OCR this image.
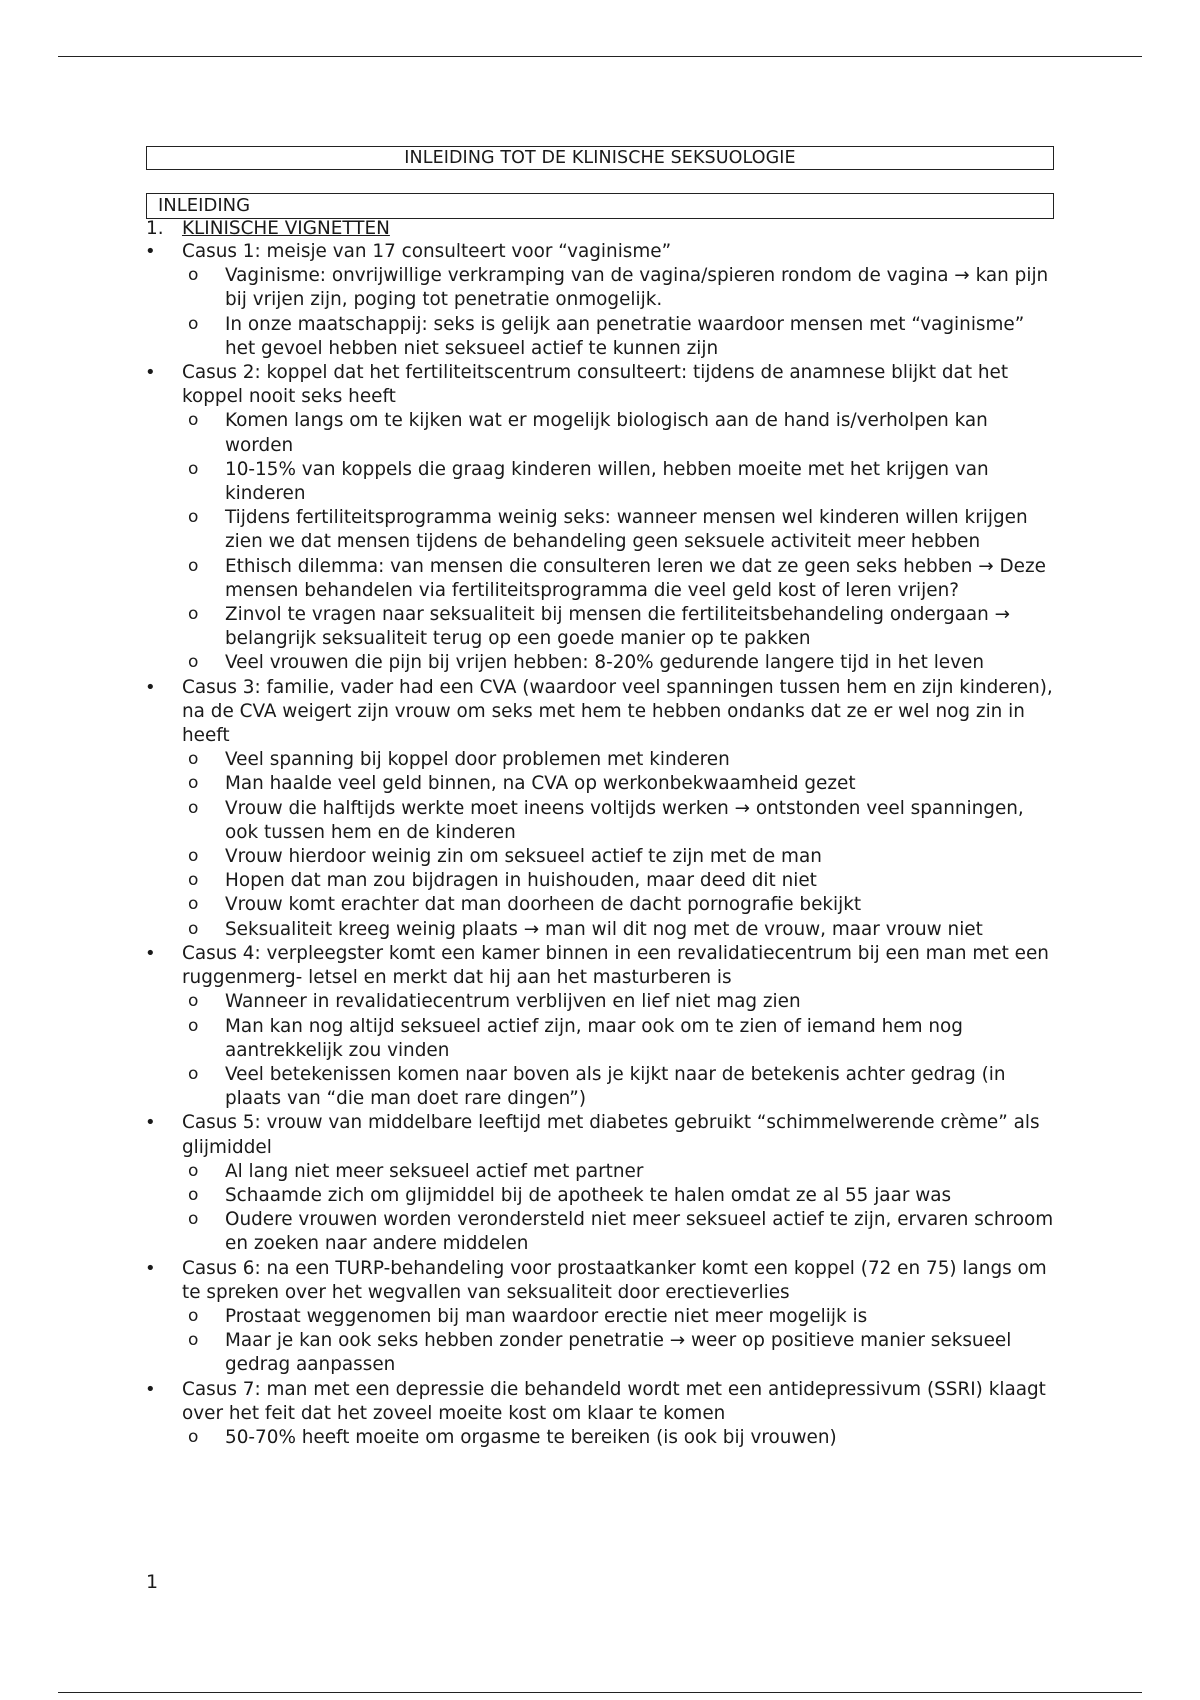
INLEIDING TOT DE KLINISCHE SEKSUOLOGIE
INLEIDING
1. KLINISCHE VIGNETTEN
• Casus 1: meisje van 17 consulteert voor “vaginisme”
o Vaginisme: onvrijwillige verkramping van de vagina/spieren rondom de vagina → kan pijn bij vrijen zijn, poging tot penetratie onmogelijk.
o In onze maatschappij: seks is gelijk aan penetratie waardoor mensen met “vaginisme” het gevoel hebben niet seksueel actief te kunnen zijn
• Casus 2: koppel dat het fertiliteitscentrum consulteert: tijdens de anamnese blijkt dat het koppel nooit seks heeft
o Komen langs om te kijken wat er mogelijk biologisch aan de hand is/verholpen kan worden
o 10-15% van koppels die graag kinderen willen, hebben moeite met het krijgen van kinderen
o Tijdens fertiliteitsprogramma weinig seks: wanneer mensen wel kinderen willen krijgen zien we dat mensen tijdens de behandeling geen seksuele activiteit meer hebben
o Ethisch dilemma: van mensen die consulteren leren we dat ze geen seks hebben → Deze mensen behandelen via fertiliteitsprogramma die veel geld kost of leren vrijen?
o Zinvol te vragen naar seksualiteit bij mensen die fertiliteitsbehandeling ondergaan → belangrijk seksualiteit terug op een goede manier op te pakken
o Veel vrouwen die pijn bij vrijen hebben: 8-20% gedurende langere tijd in het leven
• Casus 3: familie, vader had een CVA (waardoor veel spanningen tussen hem en zijn kinderen), na de CVA weigert zijn vrouw om seks met hem te hebben ondanks dat ze er wel nog zin in heeft
o Veel spanning bij koppel door problemen met kinderen
o Man haalde veel geld binnen, na CVA op werkonbekwaamheid gezet
o Vrouw die halftijds werkte moet ineens voltijds werken → ontstonden veel spanningen, ook tussen hem en de kinderen
o Vrouw hierdoor weinig zin om seksueel actief te zijn met de man
o Hopen dat man zou bijdragen in huishouden, maar deed dit niet
o Vrouw komt erachter dat man doorheen de dacht pornografie bekijkt
o Seksualiteit kreeg weinig plaats → man wil dit nog met de vrouw, maar vrouw niet
• Casus 4: verpleegster komt een kamer binnen in een revalidatiecentrum bij een man met een ruggenmerg- letsel en merkt dat hij aan het masturberen is
o Wanneer in revalidatiecentrum verblijven en lief niet mag zien
o Man kan nog altijd seksueel actief zijn, maar ook om te zien of iemand hem nog aantrekkelijk zou vinden
o Veel betekenissen komen naar boven als je kijkt naar de betekenis achter gedrag (in plaats van “die man doet rare dingen”)
• Casus 5: vrouw van middelbare leeftijd met diabetes gebruikt “schimmelwerende crème” als glijmiddel
o Al lang niet meer seksueel actief met partner
o Schaamde zich om glijmiddel bij de apotheek te halen omdat ze al 55 jaar was
o Oudere vrouwen worden verondersteld niet meer seksueel actief te zijn, ervaren schroom en zoeken naar andere middelen
• Casus 6: na een TURP-behandeling voor prostaatkanker komt een koppel (72 en 75) langs om te spreken over het wegvallen van seksualiteit door erectieverlies
o Prostaat weggenomen bij man waardoor erectie niet meer mogelijk is
o Maar je kan ook seks hebben zonder penetratie → weer op positieve manier seksueel gedrag aanpassen
• Casus 7: man met een depressie die behandeld wordt met een antidepressivum (SSRI) klaagt over het feit dat het zoveel moeite kost om klaar te komen
o 50-70% heeft moeite om orgasme te bereiken (is ook bij vrouwen)
1
